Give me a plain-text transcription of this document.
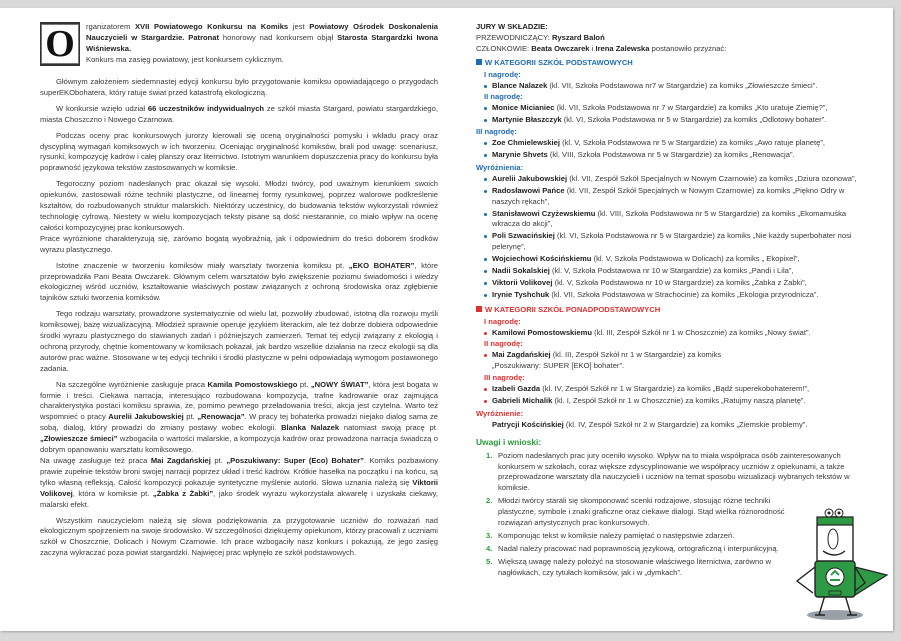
O	rganizatorem XVII Powiatowego Konkursu na Komiks jest Powiatowy Ośrodek Doskonalenia Nauczycieli w Stargardzie. Patronat honorowy nad konkursem objął Starosta Stargardzki Iwona Wiśniewska.

Konkurs ma zasięg powiatowy, jest konkursem cyklicznym.

Głównym założeniem siedemnastej edycji konkursu było przygotowanie komiksu opowiadającego o przygodach superEKObohatera, który ratuje świat przed katastrofą ekologiczną.

W konkursie wzięło udział 66 uczestników indywidualnych ze szkół miasta Stargard, powiatu stargardzkiego, miasta Choszczno i Nowego Czarnowa.

Podczas oceny prac konkursowych jurorzy kierowali się oceną oryginalności pomysłu i wkładu pracy oraz dyscypliną wymagań komiksowych w ich tworzeniu. Oceniając oryginalność komiksów, brali pod uwagę: scenariusz, rysunki, kompozycję kadrów i całej planszy oraz liternictwo. Istotnym warunkiem dopuszczenia pracy do konkursu była poprawność językowa tekstów zastosowanych w komiksie.

Tegoroczny poziom nadesłanych prac okazał się wysoki. Młodzi twórcy, pod uważnym kierunkiem swoich opiekunów, zastosowali różne techniki plastyczne, od linearnej formy rysunkowej, poprzez walorowe podkreślenie kształtów, do rozbudowanych struktur malarskich. Niektórzy uczestnicy, do budowania tekstów wykorzystali również technologię cyfrową. Niestety w wielu kompozycjach teksty pisane są dość niestarannie, co miało wpływ na ocenę całości kompozycyjnej prac konkursowych.

Prace wyróżnione charakteryzują się, zarówno bogatą wyobraźnią, jak i odpowiednim do treści doborem środków wyrazu plastycznego.

Istotne znaczenie w tworzeniu komiksów miały warsztaty tworzenia komiksu pt. „EKO BOHATER”, które przeprowadziła Pani Beata Owczarek. Głównym celem warsztatów było zwiększenie poziomu świadomości i wiedzy ekologicznej wśród uczniów, kształtowanie właściwych postaw związanych z ochroną środowiska oraz zgłębienie tajników sztuki tworzenia komiksów.

Tego rodzaju warsztaty, prowadzone systematycznie od wielu lat, pozwoliły zbudować, istotną dla rozwoju myśli komiksowej, bazę wizualizacyjną. Młodzież sprawnie operuje językiem literackim, ale też dobrze dobiera odpowiednie środki wyrazu plastycznego do stawianych zadań i późniejszych zamierzeń. Temat tej edycji związany z ekologią i ochroną przyrody, chętnie komentowany w komiksach pokazał, jak bardzo wszelkie działania na rzecz ekologii są dla autorów prac ważne. Stosowane w tej edycji techniki i środki plastyczne w pełni odpowiadają wymogom postawionego zadania.

Na szczególne wyróżnienie zasługuje praca Kamila Pomostowskiego pt. „NOWY ŚWIAT”, która jest bogata w formie i treści. Ciekawa narracja, interesująco rozbudowana kompozycja, trafne kadrowanie oraz zajmująca charakterystyka postaci komiksu sprawia, że, pomimo pewnego przeładowania treści, akcja jest czytelna. Warto też wspomnieć o pracy Aurelii Jakubowskiej pt. „Renowacja”. W pracy tej bohaterka prowadzi niejako dialog sama ze sobą, dialog, który prowadzi do zmiany postawy wobec ekologii. Blanka Nalazek natomiast swoją pracę pt. „Złowieszcze śmieci” wzbogaciła o wartości malarskie, a kompozycja kadrów oraz prowadzona narracja świadczą o dobrym opanowaniu warsztatu komiksowego.

Na uwagę zasługuje też praca Mai Zagdańskiej pt. „Poszukiwany: Super (Eco) Bohater”. Komiks pozbawiony prawie zupełnie tekstów broni swojej narracji poprzez układ i treść kadrów. Krótkie hasełka na początku i na końcu, są tylko własną refleksją. Całość kompozycji pokazuje syntetyczne myślenie autorki. Słowa uznania należą się Viktorii Volikovej, która w komiksie pt. „Żabka z Żabki”, jako środek wyrazu wykorzystała akwarelę i uzyskała ciekawy, malarski efekt.

Wszystkim nauczycielom należą się słowa podziękowania za przygotowanie uczniów do rozważań nad ekologicznym spojrzeniem na swoje środowisko. W szczególności dziękujemy opiekunom, którzy pracowali z uczniami szkół w Choszcznie, Dolicach i Nowym Czarnowie. Ich prace wzbogaciły nasz konkurs i pokazują, że jego zasięg zaczyna wykraczać poza powiat stargardzki. Najwięcej prac wpłynęło ze szkół podstawowych.

JURY W SKŁADZIE:
PRZEWODNICZĄCY: Ryszard Baloń
CZŁONKOWIE: Beata Owczarek i Irena Zalewska postanowiło przyznać:
W KATEGORII SZKÓŁ PODSTAWOWYCH
I nagrodę:
Blance Nalazek (kl. VII, Szkoła Podstawowa nr7 w Stargardzie) za komiks „Złowieszcze śmieci”.
II nagrodę:
Monice Micianiec (kl. VII, Szkoła Podstawowa nr 7 w Stargardzie) za komiks „Kto uratuje Ziemię?”,
Martynie Błaszczyk (kl. VI, Szkoła Podstawowa nr 5 w Stargardzie) za komiks „Odlotowy bohater”.
III nagrodę:
Zoe Chmielewskiej (kl. V, Szkoła Podstawowa nr 5 w Stargardzie) za komiks „Awo ratuje planetę”,
Marynie Shvets (kl. VIII, Szkoła Podstawowa nr 5 w Stargardzie) za komiks „Renowacja”.
Wyróżnienia:
Aurelii Jakubowskiej (kl. VII, Zespół Szkół Specjalnych w Nowym Czarnowie) za komiks „Dziura ozonowa”,
Radosławowi Pańce (kl. VII, Zespół Szkół Specjalnych w Nowym Czarnowie) za komiks „Piękno Odry w naszych rękach”,
Stanisławowi Czyżewskiemu (kl. VIII, Szkoła Podstawowa nr 5 w Stargardzie) za komiks „Ekomamuśka wkracza do akcji”,
Poli Szwacińskiej (kl. VI, Szkoła Podstawowa nr 5 w Stargardzie) za komiks „Nie każdy superbohater nosi pelerynę”,
Wojciechowi Kościńskiemu (kl. V, Szkoła Podstawowa w Dolicach) za komiks „ Ekopixel”,
Nadii Sokalskiej (kl. V, Szkoła Podstawowa nr 10 w Stargardzie) za komiks „Pandi i Lila”,
Viktorii Volikovej (kl. V, Szkoła Podstawowa nr 10 w Stargardzie) za komiks „Żabka z Żabki”,
Irynie Tyshchuk (kl. VII, Szkoła Podstawowa w Strachocinie) za komiks „Ekologia przyrodnicza”.
W KATEGORII SZKÓŁ PONADPODSTAWOWYCH
I nagrodę:
Kamilowi Pomostowskiemu (kl. III, Zespół Szkół nr 1 w Choszcznie) za komiks „Nowy świat”.
II nagrodę:
Mai Zagdańskiej (kl. III, Zespół Szkół nr 1 w Stargardzie) za komiks „Poszukiwany: SUPER [EKO] bohater”.
III nagrodę:
Izabeli Gazda (kl. IV, Zespół Szkół nr 1 w Stargardzie) za komiks „Bądź superekobohaterem!”,
Gabrieli Michalik (kl. I, Zespół Szkół nr 1 w Choszcznie) za komiks „Ratujmy naszą planetę”.
Wyróżnienie:
Patrycji Kościńskiej (kl. IV, Zespół Szkół nr 2 w Stargardzie) za komiks „Ziemskie problemy”.
Uwagi i wnioski:
1. Poziom nadesłanych prac jury oceniło wysoko. Wpływ na to miała współpraca osób zainteresowanych konkursem w szkołach, coraz większe zdyscyplinowanie we współpracy uczniów z opiekunami, a także przeprowadzone warsztaty dla nauczycieli i uczniów na temat sposobu wizualizacji wybranych tekstów w komiksie.
2. Młodzi twórcy starali się skomponować scenki rodzajowe, stosując różne techniki plastyczne, symbole i znaki graficzne oraz ciekawe dialogi. Stąd wielka różnorodność rozwiązań artystycznych prac konkursowych.
3. Komponując tekst w komiksie należy pamiętać o następstwie zdarzeń.
4. Nadal należy pracować nad poprawnością językową, ortograficzną i interpunkcyjną.
5. Większą uwagę należy położyć na stosowanie właściwego liternictwa, zarówno w nagłówkach, czy tytułach komiksów, jak i w „dymkach”.
